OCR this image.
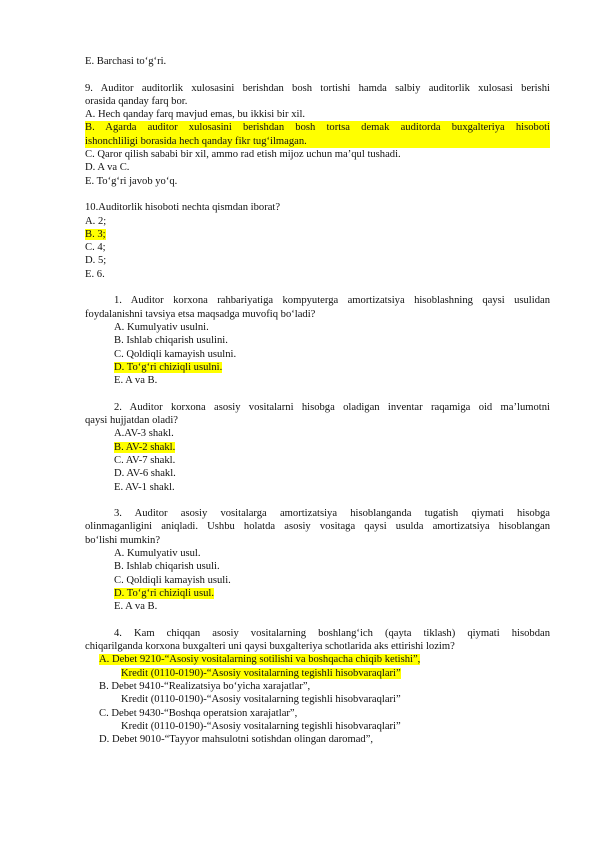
E. Barchasi to‘g‘ri.
9. Auditor auditorlik xulosasini berishdan bosh tortishi hamda salbiy auditorlik xulosasi berishi
orasida qanday farq bor.
A. Hech qanday farq mavjud emas, bu ikkisi bir xil.
B. Agarda auditor xulosasini berishdan bosh tortsa demak auditorda buxgalteriya hisoboti
ishonchliligi borasida hech qanday fikr tug‘ilmagan.
C. Qaror qilish sababi bir xil, ammo rad etish mijoz uchun ma’qul tushadi.
D. A va C.
E. To‘g‘ri javob yo‘q.
10.Auditorlik hisoboti nechta qismdan iborat?
A. 2;
B. 3;
C. 4;
D. 5;
E. 6.
1. Auditor korxona rahbariyatiga kompyuterga amortizatsiya hisoblashning qaysi usulidan
foydalanishni tavsiya etsa maqsadga muvofiq bo‘ladi?
A. Kumulyativ usulni.
B. Ishlab chiqarish usulini.
C. Qoldiqli kamayish usulni.
D. To‘g‘ri chiziqli usulni.
E. A va B.
2. Auditor korxona asosiy vositalarni hisobga oladigan inventar raqamiga oid ma’lumotni
qaysi hujjatdan oladi?
A.AV-3 shakl.
B. AV-2 shakl.
C. AV-7 shakl.
D. AV-6 shakl.
E. AV-1 shakl.
3. Auditor asosiy vositalarga amortizatsiya hisoblanganda tugatish qiymati hisobga
olinmaganligini aniqladi. Ushbu holatda asosiy vositaga qaysi usulda amortizatsiya hisoblangan
bo‘lishi mumkin?
A. Kumulyativ usul.
B. Ishlab chiqarish usuli.
C. Qoldiqli kamayish usuli.
D. To‘g‘ri chiziqli usul.
E. A va B.
4. Kam chiqqan asosiy vositalarning boshlang‘ich (qayta tiklash) qiymati hisobdan
chiqarilganda korxona buxgalteri uni qaysi buxgalteriya schotlarida aks ettirishi lozim?
A. Debet 9210-“Asosiy vositalarning sotilishi va boshqacha chiqib ketishi”,
Kredit (0110-0190)-“Asosiy vositalarning tegishli hisobvaraqlari”
B. Debet 9410-“Realizatsiya bo‘yicha xarajatlar”,
Kredit (0110-0190)-“Asosiy vositalarning tegishli hisobvaraqlari”
C. Debet 9430-“Boshqa operatsion xarajatlar”,
Kredit (0110-0190)-“Asosiy vositalarning tegishli hisobvaraqlari”
D. Debet 9010-“Tayyor mahsulotni sotishdan olingan daromad”,
